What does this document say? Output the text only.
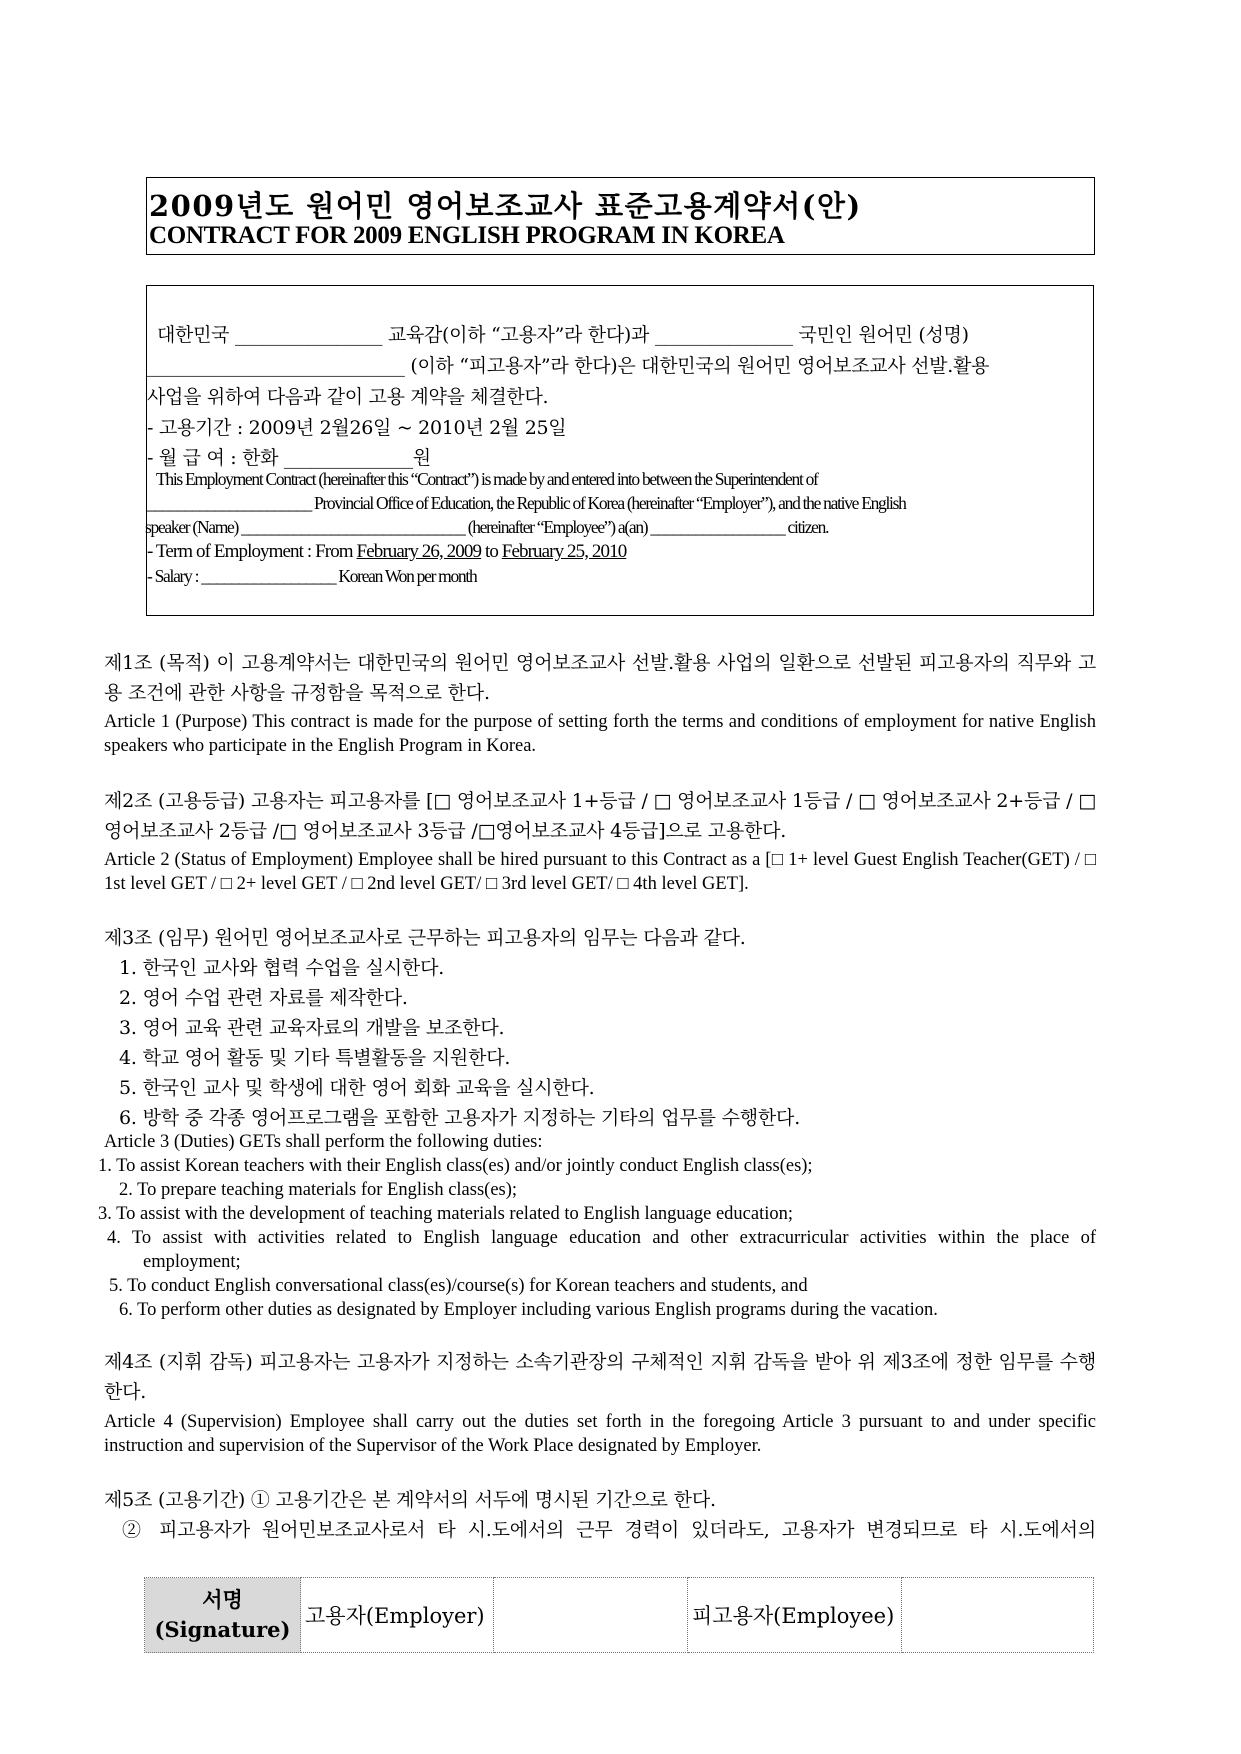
2009년도 원어민 영어보조교사 표준고용계약서(안)
CONTRACT FOR 2009 ENGLISH PROGRAM IN KOREA
대한민국 ________________ 교육감(이하 “고용자”라 한다)과 _______________ 국민인 원어민 (성명)
____________________________ (이하 “피고용자”라 한다)은 대한민국의 원어민 영어보조교사 선발.활용
사업을 위하여 다음과 같이 고용 계약을 체결한다.
- 고용기간 : 2009년 2월26일 ~ 2010년 2월 25일
- 월 급 여 : 한화 ______________원
This Employment Contract (hereinafter this “Contract”) is made by and entered into between the Superintendent of
______________________ Provincial Office of Education, the Republic of Korea (hereinafter “Employer”), and the native English
speaker (Name) ______________________________ (hereinafter “Employee”) a(an) __________________ citizen.
- Term of Employment : From February 26, 2009 to February 25, 2010
- Salary : __________________ Korean Won per month
제1조 (목적) 이 고용계약서는 대한민국의 원어민 영어보조교사 선발.활용 사업의 일환으로 선발된 피고용자의 직무와 고용 조건에 관한 사항을 규정함을 목적으로 한다.
Article 1 (Purpose) This contract is made for the purpose of setting forth the terms and conditions of employment for native English speakers who participate in the English Program in Korea.
제2조 (고용등급) 고용자는 피고용자를 [□ 영어보조교사 1+등급 / □ 영어보조교사 1등급 / □ 영어보조교사 2+등급 / □ 영어보조교사 2등급 /□ 영어보조교사 3등급 /□영어보조교사 4등급]으로 고용한다.
Article 2 (Status of Employment) Employee shall be hired pursuant to this Contract as a [□ 1+ level Guest English Teacher(GET) / □ 1st level GET / □ 2+ level GET / □ 2nd level GET/ □ 3rd level GET/ □ 4th level GET].
제3조 (임무) 원어민 영어보조교사로 근무하는 피고용자의 임무는 다음과 같다.
1. 한국인 교사와 협력 수업을 실시한다.
2. 영어 수업 관련 자료를 제작한다.
3. 영어 교육 관련 교육자료의 개발을 보조한다.
4. 학교 영어 활동 및 기타 특별활동을 지원한다.
5. 한국인 교사 및 학생에 대한 영어 회화 교육을 실시한다.
6. 방학 중 각종 영어프로그램을 포함한 고용자가 지정하는 기타의 업무를 수행한다.
Article 3 (Duties) GETs shall perform the following duties:
1. To assist Korean teachers with their English class(es) and/or jointly conduct English class(es);
2. To prepare teaching materials for English class(es);
3. To assist with the development of teaching materials related to English language education;
4. To assist with activities related to English language education and other extracurricular activities within the place of
employment;
5. To conduct English conversational class(es)/course(s) for Korean teachers and students, and
6. To perform other duties as designated by Employer including various English programs during the vacation.
제4조 (지휘 감독) 피고용자는 고용자가 지정하는 소속기관장의 구체적인 지휘 감독을 받아 위 제3조에 정한 임무를 수행한다.
Article 4 (Supervision) Employee shall carry out the duties set forth in the foregoing Article 3 pursuant to and under specific instruction and supervision of the Supervisor of the Work Place designated by Employer.
제5조 (고용기간) ① 고용기간은 본 계약서의 서두에 명시된 기간으로 한다.
② 피고용자가 원어민보조교사로서 타 시.도에서의 근무 경력이 있더라도, 고용자가 변경되므로 타 시.도에서의
서명
(Signature)
	고용자(Employer)		피고용자(Employee)	
